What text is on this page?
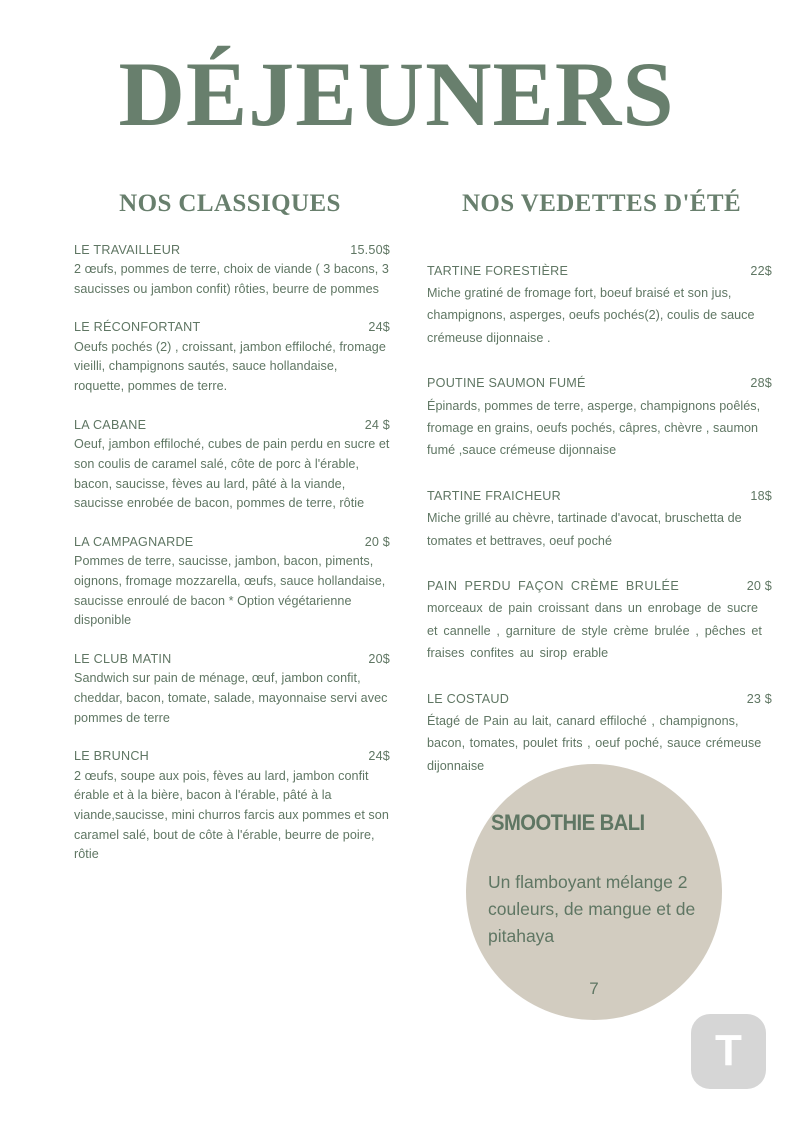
DÉJEUNERS
NOS CLASSIQUES
LE TRAVAILLEUR	15.50$
2 œufs, pommes de terre, choix de viande ( 3 bacons, 3 saucisses ou jambon confit) rôties, beurre de pommes
LE RÉCONFORTANT	24$
Oeufs pochés (2) , croissant, jambon effiloché, fromage vieilli, champignons sautés, sauce hollandaise, roquette, pommes de terre.
LA CABANE	24 $
Oeuf, jambon effiloché, cubes de pain perdu en sucre et son coulis de caramel salé, côte de porc à l'érable, bacon, saucisse, fèves au lard, pâté à la viande, saucisse enrobée de bacon, pommes de terre, rôtie
LA CAMPAGNARDE	20 $
Pommes de terre, saucisse, jambon, bacon, piments, oignons, fromage mozzarella, œufs, sauce hollandaise, saucisse enroulé de bacon * Option végétarienne disponible
LE CLUB MATIN	20$
Sandwich sur pain de ménage, œuf, jambon confit, cheddar, bacon, tomate, salade, mayonnaise servi avec pommes de terre
LE BRUNCH	24$
2 œufs, soupe aux pois, fèves au lard, jambon confit érable et à la bière, bacon à l'érable, pâté à la viande,saucisse, mini churros farcis aux pommes et son caramel salé, bout de côte à l'érable, beurre de poire, rôtie
NOS VEDETTES D'ÉTÉ
TARTINE FORESTIÈRE	22$
Miche gratiné de fromage fort, boeuf braisé et son jus, champignons, asperges, oeufs pochés(2), coulis de sauce crémeuse dijonnaise .
POUTINE SAUMON FUMÉ	28$
Épinards, pommes de terre, asperge, champignons poêlés, fromage en grains, oeufs pochés, câpres, chèvre , saumon fumé ,sauce crémeuse dijonnaise
TARTINE FRAICHEUR	18$
Miche grillé au chèvre, tartinade d'avocat, bruschetta de tomates et bettraves, oeuf poché
PAIN PERDU FAÇON CRÈME BRULÉE	20 $
morceaux de pain croissant dans un enrobage de sucre et cannelle , garniture de style crème brulée , pêches et fraises confites au sirop erable
LE COSTAUD	23 $
Étagé de Pain au lait, canard effiloché , champignons, bacon, tomates, poulet frits , oeuf poché, sauce crémeuse dijonnaise
SMOOTHIE BALI
Un flamboyant mélange 2 couleurs, de mangue et de pitahaya
7
T
